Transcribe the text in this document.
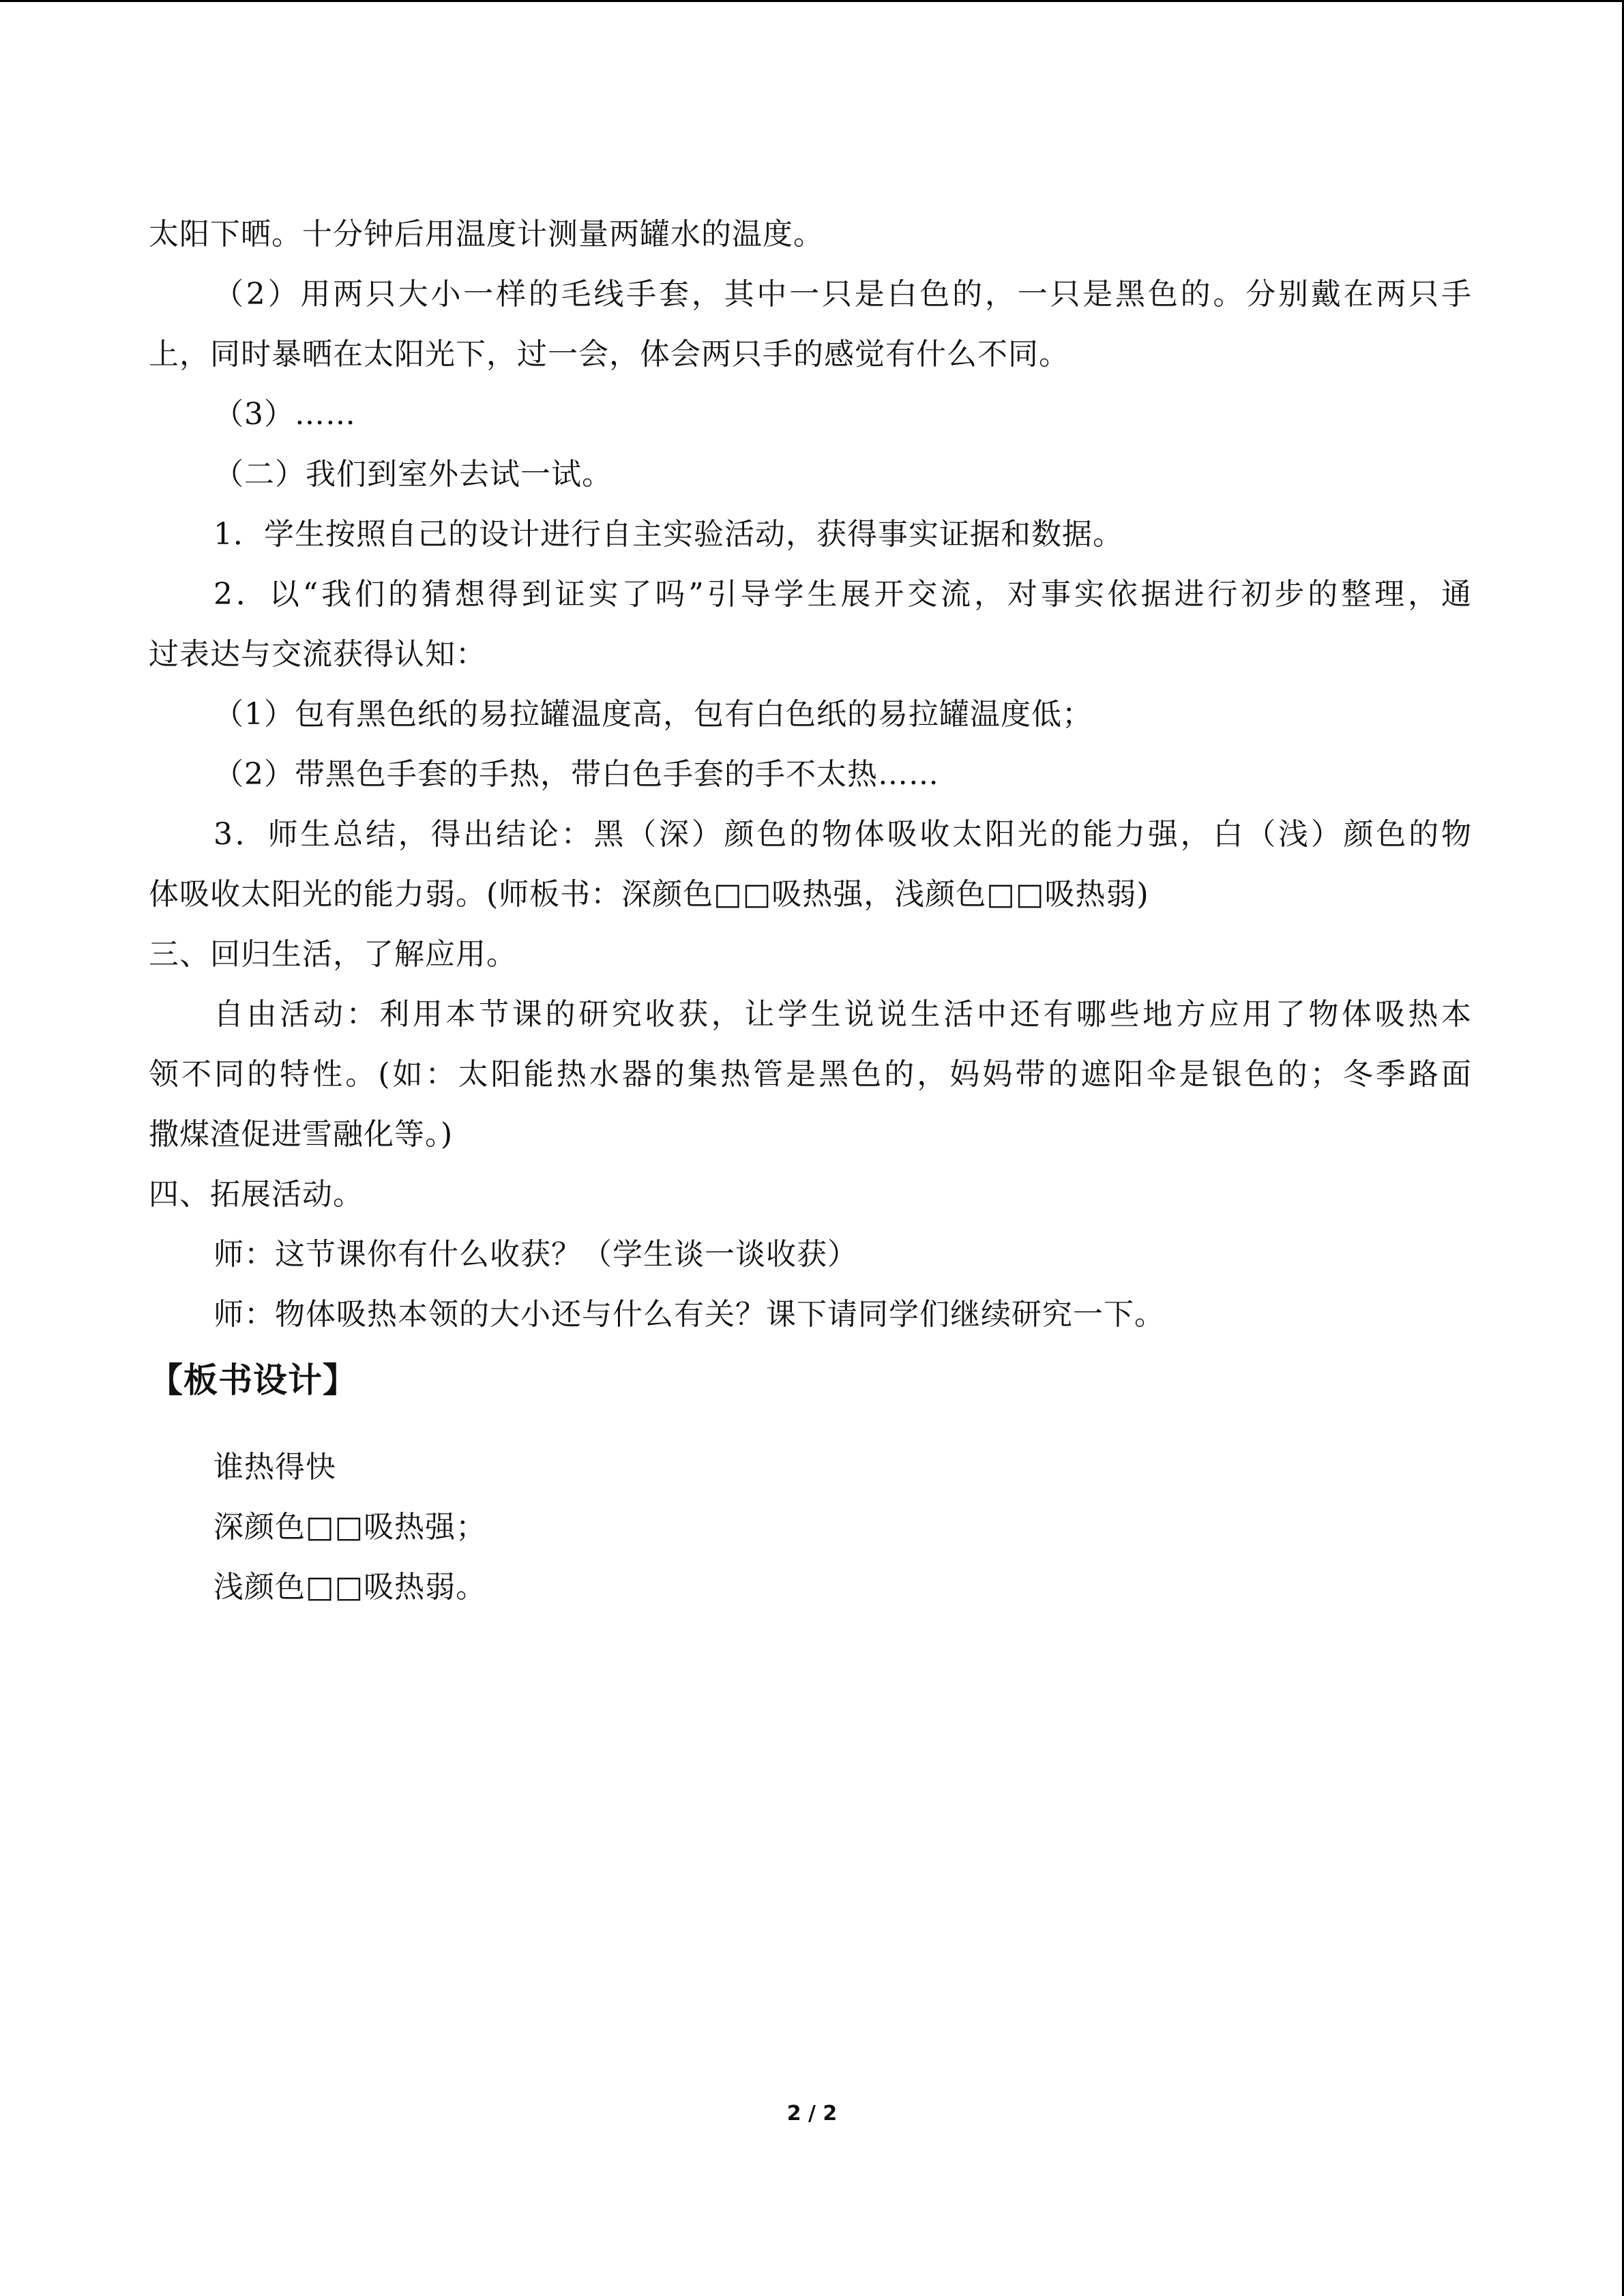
太阳下晒。十分钟后用温度计测量两罐水的温度。
（2）用两只大小一样的毛线手套，其中一只是白色的，一只是黑色的。分别戴在两只手
上，同时暴晒在太阳光下，过一会，体会两只手的感觉有什么不同。
（3）……
（二）我们到室外去试一试。
1．学生按照自己的设计进行自主实验活动，获得事实证据和数据。
2．以“我们的猜想得到证实了吗”引导学生展开交流，对事实依据进行初步的整理，通
过表达与交流获得认知：
（1）包有黑色纸的易拉罐温度高，包有白色纸的易拉罐温度低；
（2）带黑色手套的手热，带白色手套的手不太热……
3．师生总结，得出结论：黑（深）颜色的物体吸收太阳光的能力强，白（浅）颜色的物
体吸收太阳光的能力弱。(师板书：深颜色□□吸热强，浅颜色□□吸热弱)
三、回归生活，了解应用。
自由活动：利用本节课的研究收获，让学生说说生活中还有哪些地方应用了物体吸热本
领不同的特性。(如：太阳能热水器的集热管是黑色的，妈妈带的遮阳伞是银色的；冬季路面
撒煤渣促进雪融化等。)
四、拓展活动。
师：这节课你有什么收获？（学生谈一谈收获）
师：物体吸热本领的大小还与什么有关？课下请同学们继续研究一下。
【板书设计】
谁热得快
深颜色□□吸热强；
浅颜色□□吸热弱。
2 / 2
